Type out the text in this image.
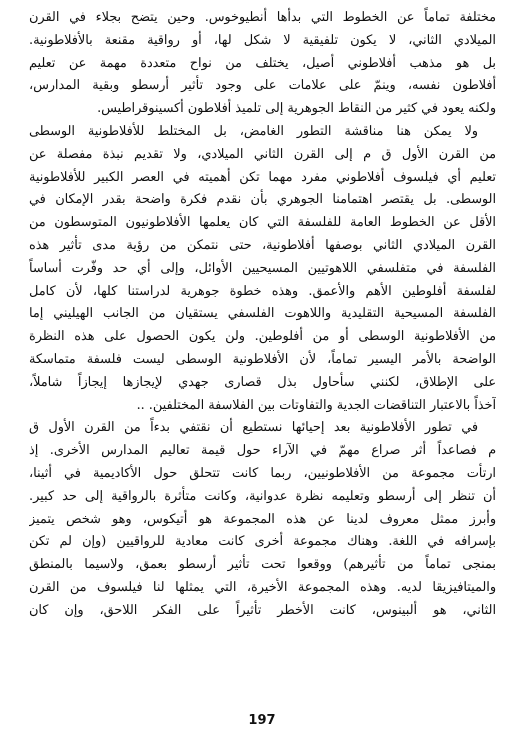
مختلفة تماماً عن الخطوط التي بدأها أنطيوخوس. وحين يتضح بجلاء في القرن
الميلادي الثاني، لا يكون تلفيقية لا شكل لها، أو رواقية مقنعة بالأفلاطونية.
بل هو مذهب أفلاطوني أصيل، يختلف من نواح متعددة مهمة عن تعليم
أفلاطون نفسه، وينمّ على علامات على وجود تأثير أرسطو وبقية المدارس،
ولكنه يعود في كثير من النقاط الجوهرية إلى تلميذ أفلاطون أكسينوقراطيس.
ولا يمكن هنا مناقشة التطور الغامض، بل المختلط للأفلاطونية الوسطى
من القرن الأول ق م إلى القرن الثاني الميلادي، ولا تقديم نبذة مفصلة عن
تعليم أي فيلسوف أفلاطوني مفرد مهما تكن أهميته في العصر الكبير للأفلاطونية
الوسطى. بل يقتصر اهتمامنا الجوهري بأن نقدم فكرة واضحة بقدر الإمكان في
الأقل عن الخطوط العامة للفلسفة التي كان يعلمها الأفلاطونيون المتوسطون من
القرن الميلادي الثاني بوصفها أفلاطونية، حتى نتمكن من رؤية مدى تأثير هذه
الفلسفة في متفلسفي اللاهوتيين المسيحيين الأوائل، وإلى أي حد وفّرت أساساً
لفلسفة أفلوطين الأهم والأعمق. وهذه خطوة جوهرية لدراستنا كلها، لأن كامل
الفلسفة المسيحية التقليدية واللاهوت الفلسفي يستقيان من الجانب الهيليني إما
من الأفلاطونية الوسطى أو من أفلوطين. ولن يكون الحصول على هذه النظرة
الواضحة بالأمر اليسير تماماً، لأن الأفلاطونية الوسطى ليست فلسفة متماسكة
على الإطلاق، لكنني سأحاول بذل قصارى جهدي لإيجازها إيجازاً شاملاً،
آخذاً بالاعتبار التناقضات الجدية والتفاوتات بين الفلاسفة المختلفين. ..
في تطور الأفلاطونية بعد إحيائها نستطيع أن نقتفي بدءاً من القرن الأول ق
م فصاعداً أثر صراع مهمّ في الآراء حول قيمة تعاليم المدارس الأخرى. إذ
ارتأت مجموعة من الأفلاطونيين، ربما كانت تتحلق حول الأكاديمية في أثينا،
أن تنظر إلى أرسطو وتعليمه نظرة عدوانية، وكانت متأثرة بالرواقية إلى حد كبير.
وأبرز ممثل معروف لدينا عن هذه المجموعة هو أتيكوس، وهو شخص يتميز
بإسرافه في اللغة. وهناك مجموعة أخرى كانت معادية للرواقيين (وإن لم تكن
بمنجى تماماً من تأثيرهم) ووقعوا تحت تأثير أرسطو بعمق، ولاسيما بالمنطق
والميتافيزيقا لديه. وهذه المجموعة الأخيرة، التي يمثلها لنا فيلسوف من القرن
الثاني، هو ألبينوس، كانت الأخطر تأثيراً على الفكر اللاحق، وإن كان
197
